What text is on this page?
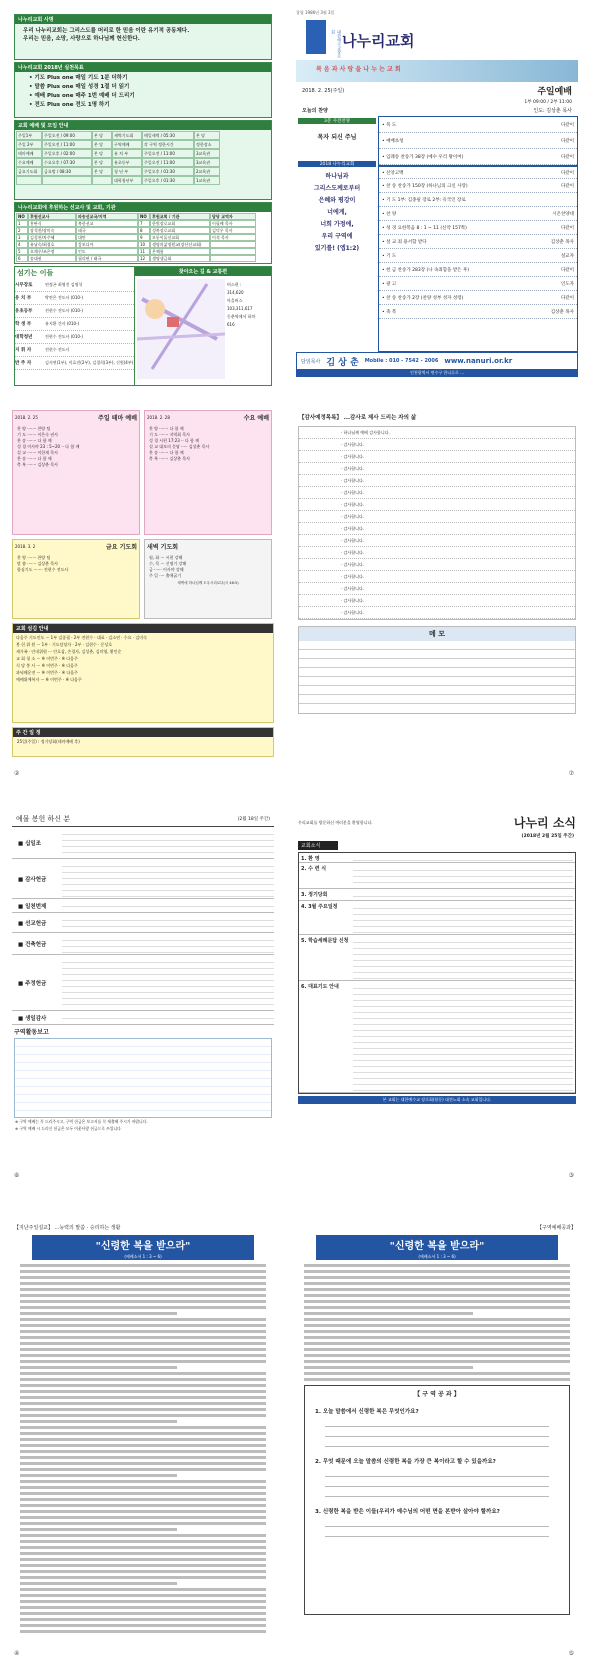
나누리교회 사명
우리 나누리교회는 그리스도를 머리로 한 믿음 이란 유기적 공동체다.
우리는 믿음, 소망, 사랑으로 하나님께 헌신한다.
나누리교회 2018년 실천목표
• 기도 Plus one 매일 기도 1분 더하기
• 말씀 Plus one 매일 성경 1절 더 읽기
• 예배 Plus one 매주 1번 예배 더 드리기
• 전도 Plus one 전도 1명 하기
교회 예배 및 모임 안내
주일1부	주일오전 / 09:00	본 당	새벽기도회	매일새벽 / 05:30	본 당
주일 2부	주일오전 / 11:00	본 당	구역예배	각 구역 정한시간	정한장소
테마예배	주일오후 / 02:00	본 당	유 치 부	주일오전 / 11:00	3교육관
수요예배	수요오후 / 07:30	본 당	유초등부	주일오전 / 11:00	3교육관
금요기도회	금요밤 / 08:30	본 당	청 년 부	주일오후 / 01:30	2교육관
대학청년부	주일오후 / 01:30	1교육관
나누리교회에 후원하는 선교사 및 교회, 기관
NO	후원선교사	파송선교국/지역	NO	후원교회 / 기관	담당 교역자
1	홍판식	북한선교	7	한빛장로교회	이필배 목사
2	장석찬/장미숙	태국	8	성북장로교회	김덕우 목사
3	김성찬/차주혜	대만	9	모퉁이돌선교회	이석 목사
4	유남숙/최경호	캄보디아	10	생명의삶정원교(장산선교회)
5	오채우/조은정	인도	11	온체함
6	송대권	필리핀 / 태국	12	생명생금회
섬기는 이들
시무장로	연정곤 최영진 김명석
유 치 부	박연은 전도사 (010-)
유초등부	전현수 전도사 (010-)
학 생 부	유지환 간사 (010-)
대학청년	전현수 전도사 (010-)
지 휘 자	전현수 전도사
반 주 자	김서연(1부), 이효진(2부), 김경희(3부), 신원(4부)
찾아오는 길 & 교통편
버스편 :
314,620
마을버스
103,311,617
동춘역에서 하차
616
창립 1986년 3월 3일
대한예수교장로회 나누리교회
복 음 과 사 랑 을 나 누 는 교 회
2018. 2. 25(주일)	주일예배
1부 09:00 / 2부 11:00
오늘의 찬양	인도: 김상춘 목사
3분 사전찬양
목자 되신 주님
2018 나누리교회
하나님과
그리스도께로부터
은혜와 평강이
너에게,
너희 가정에,
우리 구역에
있기를! (엡1:2)
• 묵 도	다같이
• 예배초청	다같이
• 입례송 찬송가 38장 (예수 우리 왕이여)	다같이
• 신앙고백	다같이
• 찬 송 찬송가 150장 (하나님의 크신 사랑)	다같이
• 기 도 1부: 김종필 장로 2부: 유국인 장로
• 찬 양	시온찬양대
• 성 경 요한복음 8 : 1 ~ 11 (신약 157쪽)	다같이
• 설 교 죄 용서함 받다	김상춘 목사
• 기 도	설교자
• 헌 금 찬송가 283장 (나 속죄함을 받은 후)	다같이
• 광 고	인도자
• 찬 송 찬송가 2장 (찬양 성부 성자 성령)	다같이
• 축 복	김상춘 목사
담임목사 김 상 춘 Mobile : 010 - 7542 - 2006 www.nanuri.or.kr
인천광역시 연수구 한나루로 ...
2018. 2. 25	주일 테마 예배
찬 양 ······· 찬양 팀
기 도 ······· 이은숙 권사
찬 송 ······· 다 함 께
성 경 이사야 23 : 5~20 ·· 다 함 께
설 교 ······· 이한재 목사
찬 송 ······· 다 함 께
축 복 ······· 김상춘 목사
2018. 2. 28	수요 예배
찬 양 ······· 다 함 께
기 도 ······· 지역회 목사
성 경 시편 17:23 ·· 다 함 께
설 교 대모의 문답 ····· 김상춘 목사
찬 송 ······· 다 함 께
축 복 ······· 김상춘 목사
2018. 3. 2	금요 기도회
찬 양 ······· 찬양 팀
말 씀 ······· 김상춘 목사
합심기도 ······· 전현수 전도사
새벽 기도회
월, 화 ··· 시편 강해
수, 목 ··· 신명기 강해
금 ······ 이사야 강해
주 일 ···· 출애굽기
새벽에 하나님께 도우시리로다(시 46:5)
교회 섬김 안내
다음주 기도인도 ··· 1부 김종필 · 2부 전현수 · 대표 · 김소연 · 수요 · 김미숙
봉 헌 위 원 ··· 1부 · 기도담당자 · 2부 · 김현수 · 문상호
새가족 · 안내위원 ··· 안호삼, 손경자, 김성춘, 김미영, 황인순
교 회 청 소 ··· ※ 이번주 · ※ 다음주
식 당 봉 사 ··· ※ 이번주 · ※ 다음주
과녁해운전 ··· ※ 이번주 · ※ 다음주
예배위예복자 ··· ※ 이번주 · ※ 다음주
주 간 일 정
25일(주일) : 정기당회(테마예배 후)
②
【감사예정목록】 ...감사로 제사 드리는 자의 삶
· 하나님께 예배 감사합니다.
· 감사합니다.
· 감사합니다.
· 감사합니다.
· 감사합니다.
· 감사합니다.
· 감사합니다.
· 감사합니다.
· 감사합니다.
· 감사합니다.
· 감사합니다.
· 감사합니다.
· 감사합니다.
· 감사합니다.
· 감사합니다.
· 감사합니다.
메 모
⑦
예물 봉헌 하신 분	(2월 18일 주간)
■ 십일조
■ 감사헌금
■ 일천번제
■ 선교헌금
■ 건축헌금
■ 주정헌금
■ 생일감사
구역활동보고
※ 구역 예배는 꼭 드리주시고, 구역 헌금은 보고서를 꼭 제출해 주시기 바랍니다.
※ 구역 예배 시 드리신 헌금은 모두 이웃사랑 헌금으로 쓰입니다.
⑥
우리교회를 방문하신 여러분을 환영합니다.	나누리 소식
(2018년 2월 25일 주간)
교회소식
1. 환 영
2. 수 련 식
3. 정기당회
4. 3월 주요일정
5. 학습세례문답 신청
6. 대표기도 안내
본 교회는 대한예수교 장로회(합동) 대전노회 소속 교회입니다.
③
【지난주일설교】 ...능력의 말씀 · 승리하는 생활
"신령한 복을 받으라"
(에베소서 1 : 3 ~ 6)
④
【구역예배공과】
"신령한 복을 받으라"
(에베소서 1 : 3 ~ 6)
【 구 역 공 과 】
1. 오늘 말씀에서 신령한 복은 무엇인가요?
2. 무엇 때문에 오늘 말씀의 신령한 복을 가장 큰 복이라고 할 수 있을까요?
3. 신령한 복을 받은 이들(우리가 예수님의 어떤 면을 본받아 살아야 할까요?
⑤
